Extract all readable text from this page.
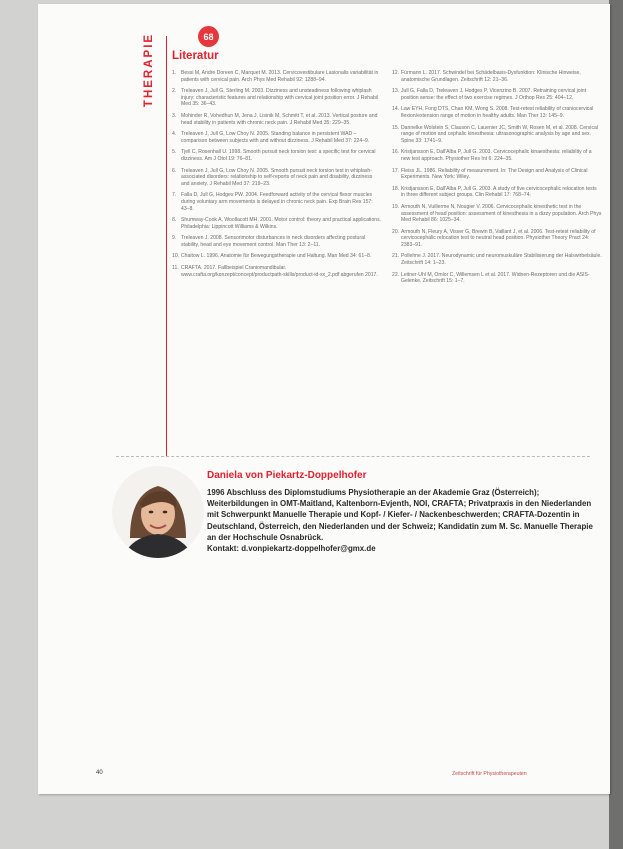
THERAPIE	68
Literatur
1. Bessi M, Andre Doreen C, Marquet M. 2013. Cervicovestibulare Lasionalis variabilität in patients with cervical pain. Arch Phys Med Rehabil 92: 1288–94.
2. Treleaven J, Jull G, Sterling M. 2003. Dizziness and unsteadiness following whiplash injury: characteristic features and relationship with cervical joint position error. J Rehabil Med 35: 36–43.
3. Mohinder R, Vohedhun M, Jena J, Lisinik M, Schmitt T, et al. 2013. Vertical posture and head stability in patients with chronic neck pain. J Rehabil Med 35: 229–35.
4. Treleaven J, Jull G, Low Choy N. 2005. Standing balance in persistent WAD – comparison between subjects with and without dizziness. J Rehabil Med 37: 224–9.
5. Tjell C, Rosenhall U. 1998. Smooth pursuit neck torsion test: a specific test for cervical dizziness. Am J Otol 19: 76–81.
6. Treleaven J, Jull G, Low Choy N. 2005. Smooth pursuit neck torsion test in whiplash-associated disorders: relationship to self-reports of neck pain and disability, dizziness and anxiety. J Rehabil Med 37: 219–23.
7. Falla D, Jull G, Hodges PW. 2004. Feedforward activity of the cervical flexor muscles during voluntary arm movements is delayed in chronic neck pain. Exp Brain Res 157: 43–8.
8. Shumway-Cook A, Woollacott MH. 2001. Motor control: theory and practical applications. Philadelphia: Lippincott Williams & Wilkins.
9. Treleaven J. 2008. Sensorimotor disturbances in neck disorders affecting postural stability, head and eye movement control. Man Ther 13: 2–11.
10. Chaitow L. 1996. Anatomie für Bewegungstherapie und Haltung. Man Med 34: 61–8.
11. CRAFTA. 2017. Fallbeispiel Craniomandibular. www.crafta.org/konzept/concept/productpath-skills/product-id-xx_2.pdf abgerufen 2017.
12. Fürmann L. 2017. Schwindel bei Schädelbasis-Dysfunktion: Klinische Hinweise, anatomische Grundlagen. Zeitschrift 12: 21–36.
13. Jull G, Falla D, Treleaven J, Hodges P, Vicenzino B. 2007. Retraining cervical joint position sense: the effect of two exercise regimes. J Orthop Res 25: 404–12.
14. Law EYH, Fong DTS, Chan KM, Wong S. 2008. Test-retest reliability of craniocervical flexion/extension range of motion in healthy adults. Man Ther 13: 145–9.
15. Dannelke Wolstein S, Clauson C, Lauenier JC, Smith W, Rosen M, et al. 2008. Cervical range of motion and cephalic kinesthesia: ultrasonographic analysis by age and sex. Spine 33: 1741–9.
16. Kristjansson E, Dall'Alba P, Jull G. 2003. Cervicocephalic kinaesthesia: reliability of a new test approach. Physiother Res Int 6: 224–35.
17. Fleiss JL. 1986. Reliability of measurement. In: The Design and Analysis of Clinical Experiments. New York: Wiley.
18. Kristjansson E, Dall'Alba P, Jull G. 2003. A study of five cervicocephalic relocation tests in three different subject groups. Clin Rehabil 17: 768–74.
19. Armouth N, Vuillerme N, Nougier V. 2006. Cervicocephalic kinesthetic test in the assessment of head position: assessment of kinesthesia in a dizzy population. Arch Phys Med Rehabil 86: 1025–34.
20. Armouth N, Fleury A, Visser G, Brewin B, Vaillant J, et al. 2006. Test-retest reliability of cervicocephalic relocation test to neutral head position. Physiother Theory Pract 24: 2383–91.
21. Pollehne J. 2017. Neurodynamic und neuromuskuläre Stabilisierung der Halswirbelsäule. Zeitschrift 14: 1–23.
22. Leitner-Uhl M, Omlor C, Willemsen L et al. 2017. Widnen-Rezeptoren und die ASIS-Gelenke. Zeitschrift 15: 1–7.
Daniela von Piekartz-Doppelhofer

1996 Abschluss des Diplomstudiums Physiotherapie an der Akademie Graz (Österreich); Weiterbildungen in OMT-Maitland, Kaltenborn-Evjenth, NOI, CRAFTA; Privatpraxis in den Niederlanden mit Schwerpunkt Manuelle Therapie und Kopf- / Kiefer- / Nackenbeschwerden; CRAFTA-Dozentin in Deutschland, Österreich, den Niederlanden und der Schweiz; Kandidatin zum M. Sc. Manuelle Therapie an der Hochschule Osnabrück.

Kontakt: d.vonpiekartz-doppelhofer@gmx.de

40	Zeitschrift für Physiotherapeuten
